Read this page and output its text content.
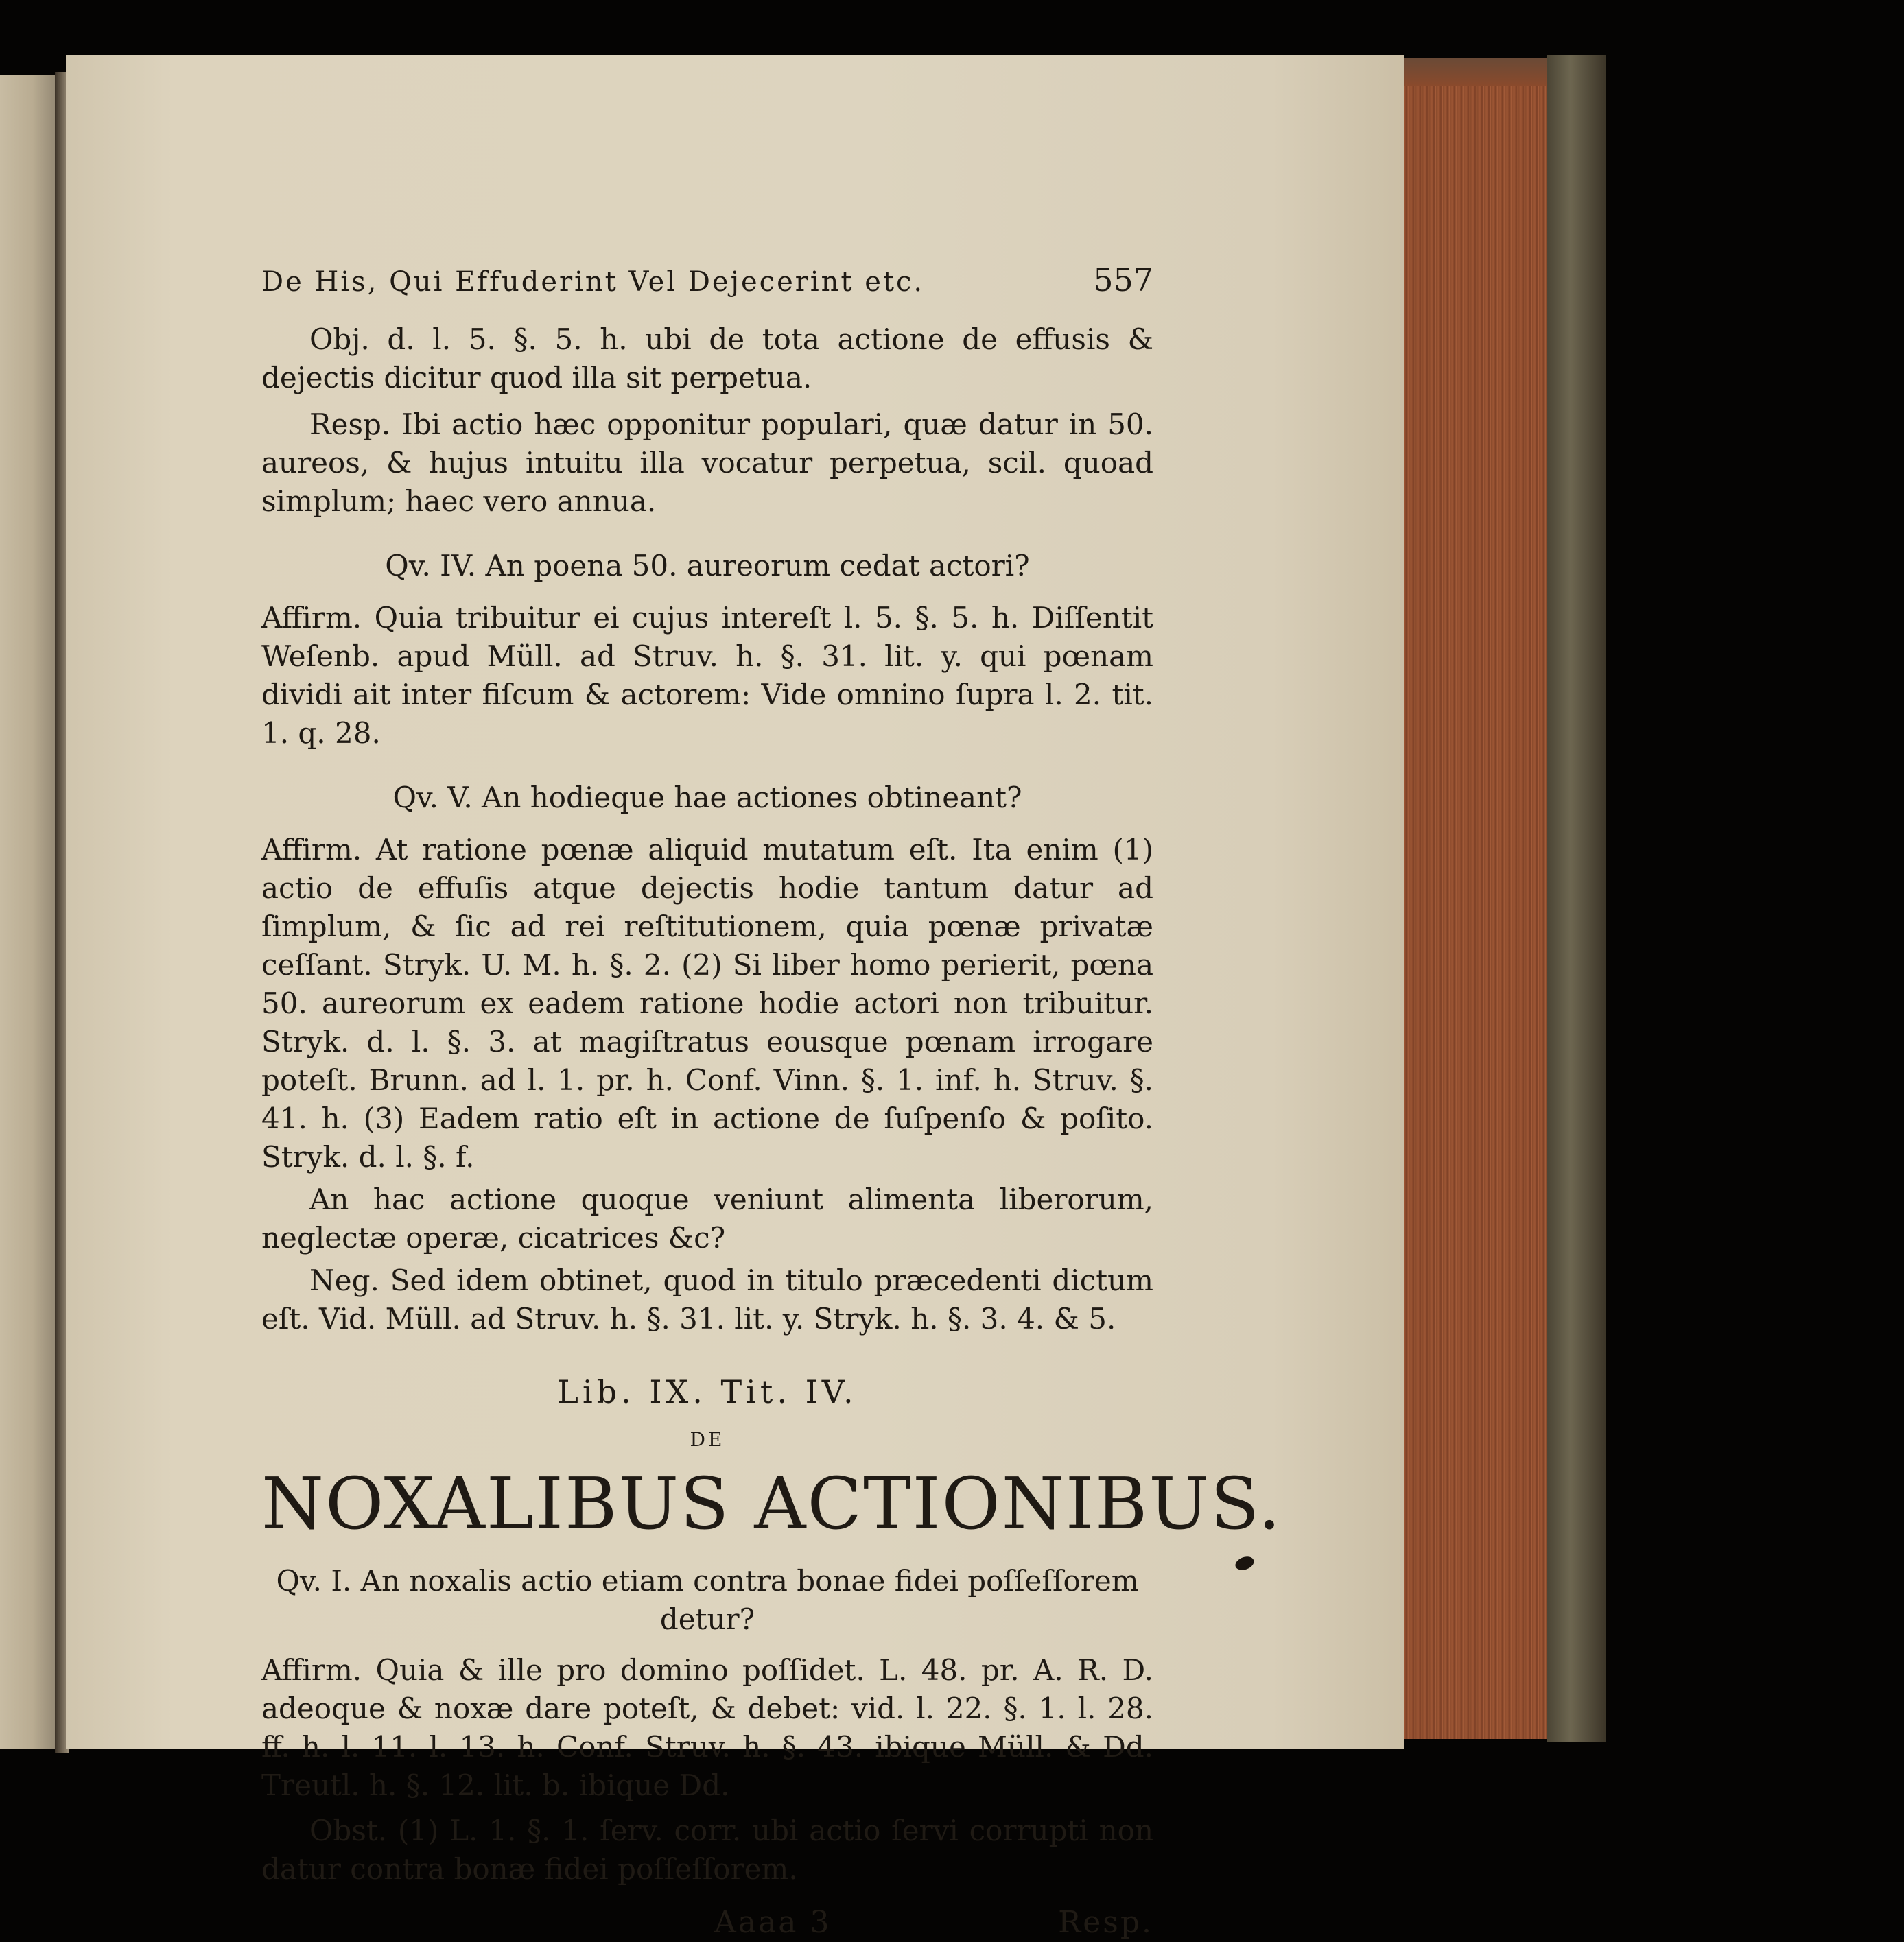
De His, Qui Effuderint Vel Dejecerint etc.	557

Obj. d. l. 5. §. 5. h. ubi de tota actione de effusis & dejectis dicitur quod illa sit perpetua.

Resp. Ibi actio hæc opponitur populari, quæ datur in 50. aureos, & hujus intuitu illa vocatur perpetua, scil. quoad simplum; haec vero annua.

Qv. IV. An poena 50. aureorum cedat actori?

Affirm. Quia tribuitur ei cujus intereſt l. 5. §. 5. h. Diſſentit Weſenb. apud Müll. ad Struv. h. §. 31. lit. y. qui pœnam dividi ait inter fiſcum & actorem: Vide omnino ſupra l. 2. tit. 1. q. 28.

Qv. V. An hodieque hae actiones obtineant?

Affirm. At ratione pœnæ aliquid mutatum eſt. Ita enim (1) actio de effuſis atque dejectis hodie tantum datur ad ſimplum, & ſic ad rei reſtitutionem, quia pœnæ privatæ ceſſant. Stryk. U. M. h. §. 2. (2) Si liber homo perierit, pœna 50. aureorum ex eadem ratione hodie actori non tribuitur. Stryk. d. l. §. 3. at magiſtratus eousque pœnam irrogare poteſt. Brunn. ad l. 1. pr. h. Conf. Vinn. §. 1. inf. h. Struv. §. 41. h. (3) Eadem ratio eſt in actione de ſuſpenſo & poſito. Stryk. d. l. §. f.

An hac actione quoque veniunt alimenta liberorum, neglectæ operæ, cicatrices &c?

Neg. Sed idem obtinet, quod in titulo præcedenti dictum eſt. Vid. Müll. ad Struv. h. §. 31. lit. y. Stryk. h. §. 3. 4. & 5.

Lib. IX. Tit. IV.
DE
NOXALIBUS ACTIONIBUS.

Qv. I. An noxalis actio etiam contra bonae fidei poſſeſſorem detur?

Affirm. Quia & ille pro domino poſſidet. L. 48. pr. A. R. D. adeoque & noxæ dare poteſt, & debet: vid. l. 22. §. 1. l. 28. ff. h. l. 11. l. 13. h. Conf. Struv. h. §. 43. ibique Müll. & Dd. Treutl. h. §. 12. lit. b. ibique Dd.

Obst. (1) L. 1. §. 1. ſerv. corr. ubi actio ſervi corrupti non datur contra bonæ fidei poſſeſſorem.

Aaaa 3	Resp.
